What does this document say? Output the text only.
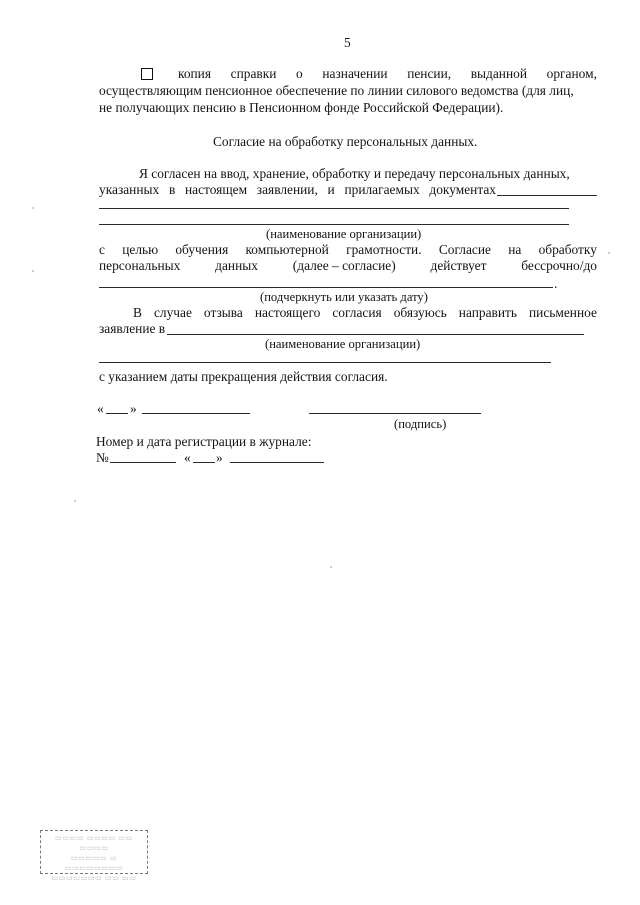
5
копия справки о назначении пенсии, выданной органом,
осуществляющим пенсионное обеспечение по линии силового ведомства (для лиц,
не получающих пенсию в Пенсионном фонде Российской Федерации).
Согласие на обработку персональных данных.
Я согласен на ввод, хранение, обработку и передачу персональных данных,
указанных в настоящем заявлении, и прилагаемых документах
(наименование организации)
с целью обучения компьютерной грамотности. Согласие на обработку
персональных	данных	(далее – согласие)	действует	бессрочно/до
.
(подчеркнуть или указать дату)
В случае отзыва настоящего согласия обязуюсь направить письменное
заявление в
(наименование организации)
с указанием даты прекращения действия согласия.
« »
(подпись)
Номер и дата регистрации в журнале:
№	« »
▭▭▭▭ ▭▭▭▭ ▭▭ ▭▭▭▭
▭▭▭▭▭ ▭ ▭▭▭▭▭▭▭▭
▭▭▭▭▭▭▭ ▭▭ ▭▭
